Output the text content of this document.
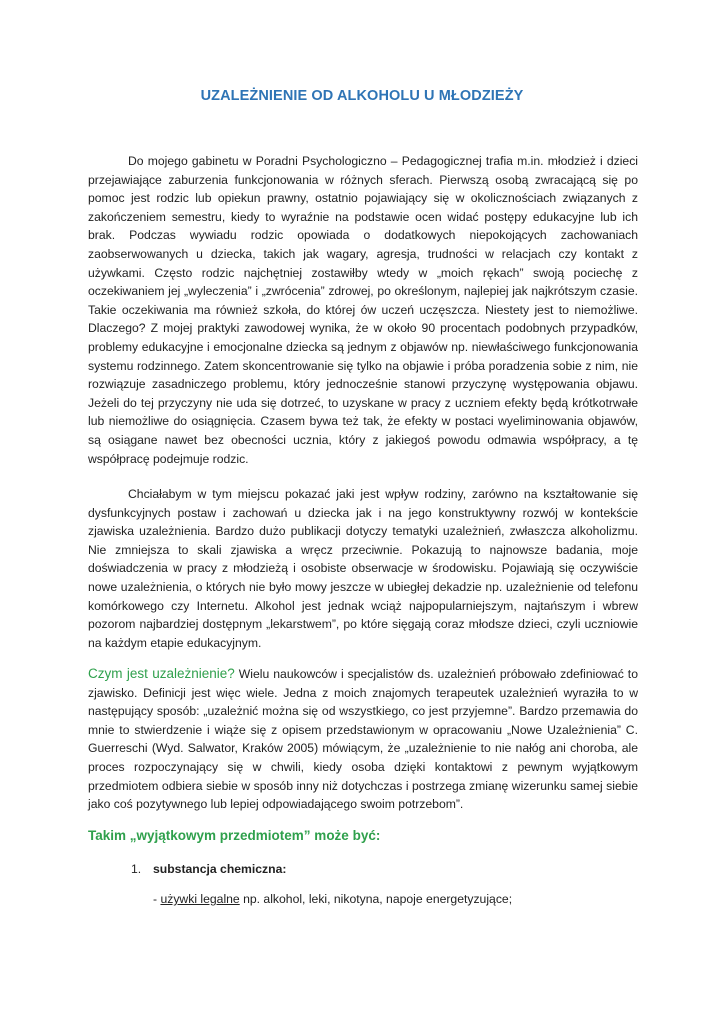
UZALEŻNIENIE OD ALKOHOLU U MŁODZIEŻY

Do mojego gabinetu w Poradni Psychologiczno – Pedagogicznej trafia m.in. młodzież i dzieci przejawiające zaburzenia funkcjonowania w różnych sferach. Pierwszą osobą zwracającą się po pomoc jest rodzic lub opiekun prawny, ostatnio pojawiający się w okolicznościach związanych z zakończeniem semestru, kiedy to wyraźnie na podstawie ocen widać postępy edukacyjne lub ich brak. Podczas wywiadu rodzic opowiada o dodatkowych niepokojących zachowaniach zaobserwowanych u dziecka, takich jak wagary, agresja, trudności w relacjach czy kontakt z używkami. Często rodzic najchętniej zostawiłby wtedy w „moich rękach” swoją pociechę z oczekiwaniem jej „wyleczenia” i „zwrócenia” zdrowej, po określonym, najlepiej jak najkrótszym czasie. Takie oczekiwania ma również szkoła, do której ów uczeń uczęszcza. Niestety jest to niemożliwe. Dlaczego? Z mojej praktyki zawodowej wynika, że w około 90 procentach podobnych przypadków, problemy edukacyjne i emocjonalne dziecka są jednym z objawów np. niewłaściwego funkcjonowania systemu rodzinnego. Zatem skoncentrowanie się tylko na objawie i próba poradzenia sobie z nim, nie rozwiązuje zasadniczego problemu, który jednocześnie stanowi przyczynę występowania objawu. Jeżeli do tej przyczyny nie uda się dotrzeć, to uzyskane w pracy z uczniem efekty będą krótkotrwałe lub niemożliwe do osiągnięcia. Czasem bywa też tak, że efekty w postaci wyeliminowania objawów, są osiągane nawet bez obecności ucznia, który z jakiegoś powodu odmawia współpracy, a tę współpracę podejmuje rodzic.

Chciałabym w tym miejscu pokazać jaki jest wpływ rodziny, zarówno na kształtowanie się dysfunkcyjnych postaw i zachowań u dziecka jak i na jego konstruktywny rozwój w kontekście zjawiska uzależnienia. Bardzo dużo publikacji dotyczy tematyki uzależnień, zwłaszcza alkoholizmu. Nie zmniejsza to skali zjawiska a wręcz przeciwnie. Pokazują to najnowsze badania, moje doświadczenia w pracy z młodzieżą i osobiste obserwacje w środowisku. Pojawiają się oczywiście nowe uzależnienia, o których nie było mowy jeszcze w ubiegłej dekadzie np. uzależnienie od telefonu komórkowego czy Internetu. Alkohol jest jednak wciąż najpopularniejszym, najtańszym i wbrew pozorom najbardziej dostępnym „lekarstwem”, po które sięgają coraz młodsze dzieci, czyli uczniowie na każdym etapie edukacyjnym.

Czym jest uzależnienie? Wielu naukowców i specjalistów ds. uzależnień próbowało zdefiniować to zjawisko. Definicji jest więc wiele. Jedna z moich znajomych terapeutek uzależnień wyraziła to w następujący sposób: „uzależnić można się od wszystkiego, co jest przyjemne”. Bardzo przemawia do mnie to stwierdzenie i wiąże się z opisem przedstawionym w opracowaniu „Nowe Uzależnienia” C. Guerreschi (Wyd. Salwator, Kraków 2005) mówiącym, że „uzależnienie to nie nałóg ani choroba, ale proces rozpoczynający się w chwili, kiedy osoba dzięki kontaktowi z pewnym wyjątkowym przedmiotem odbiera siebie w sposób inny niż dotychczas i postrzega zmianę wizerunku samej siebie jako coś pozytywnego lub lepiej odpowiadającego swoim potrzebom”.

Takim „wyjątkowym przedmiotem” może być:

1. substancja chemiczna:

- używki legalne np. alkohol, leki, nikotyna, napoje energetyzujące;
